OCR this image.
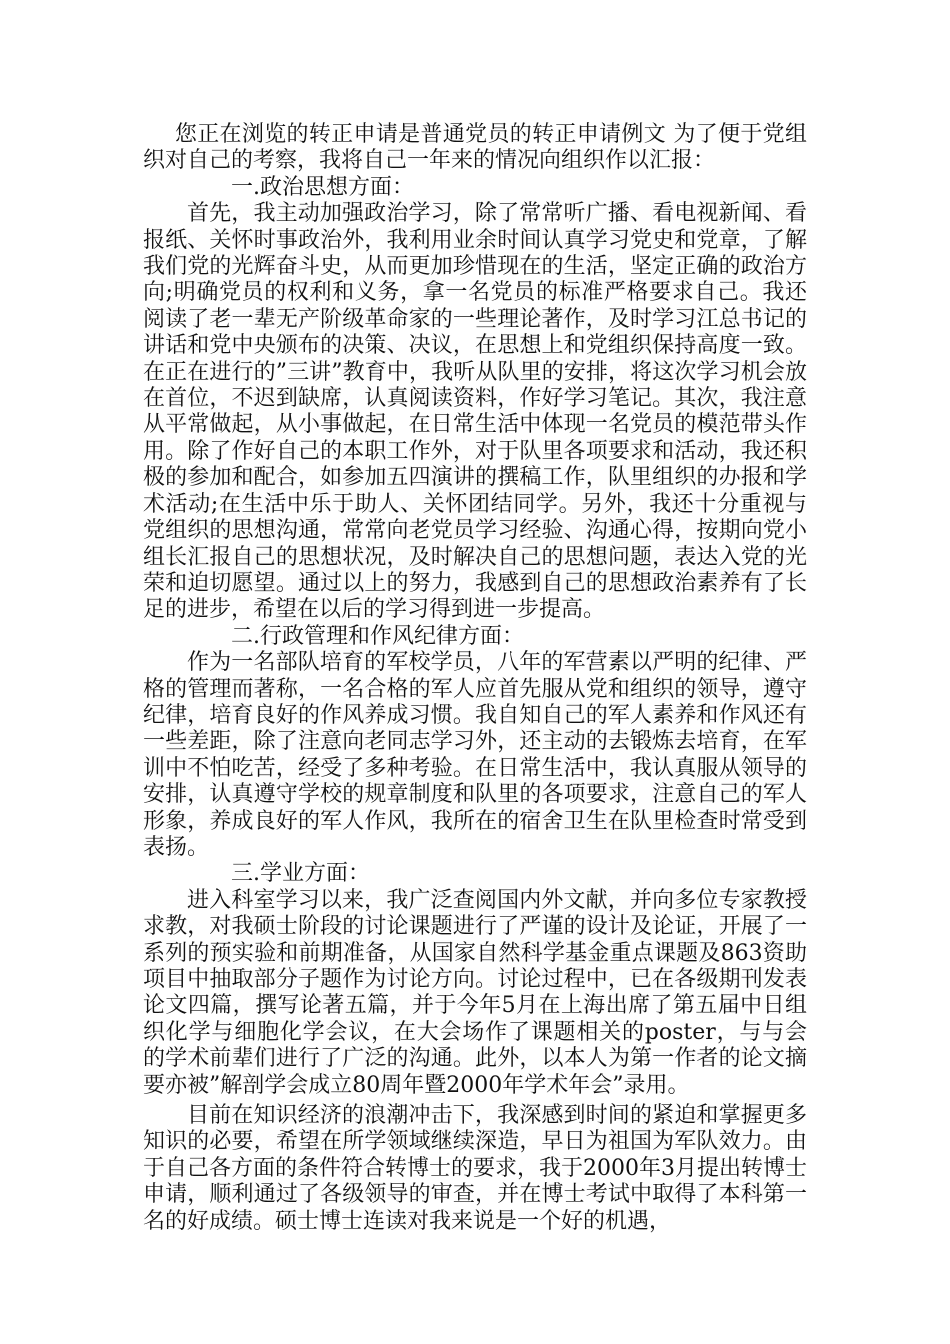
您正在浏览的转正申请是普通党员的转正申请例文 为了便于党组织对自己的考察，我将自己一年来的情况向组织作以汇报：

一.政治思想方面：

首先，我主动加强政治学习，除了常常听广播、看电视新闻、看报纸、关怀时事政治外，我利用业余时间认真学习党史和党章，了解我们党的光辉奋斗史，从而更加珍惜现在的生活，坚定正确的政治方向;明确党员的权利和义务，拿一名党员的标准严格要求自己。我还阅读了老一辈无产阶级革命家的一些理论著作，及时学习江总书记的讲话和党中央颁布的决策、决议，在思想上和党组织保持高度一致。在正在进行的”三讲”教育中，我听从队里的安排，将这次学习机会放在首位，不迟到缺席，认真阅读资料，作好学习笔记。其次，我注意从平常做起，从小事做起，在日常生活中体现一名党员的模范带头作用。除了作好自己的本职工作外，对于队里各项要求和活动，我还积极的参加和配合，如参加五四演讲的撰稿工作，队里组织的办报和学术活动;在生活中乐于助人、关怀团结同学。另外，我还十分重视与党组织的思想沟通，常常向老党员学习经验、沟通心得，按期向党小组长汇报自己的思想状况，及时解决自己的思想问题，表达入党的光荣和迫切愿望。通过以上的努力，我感到自己的思想政治素养有了长足的进步，希望在以后的学习得到进一步提高。

二.行政管理和作风纪律方面：

作为一名部队培育的军校学员，八年的军营素以严明的纪律、严格的管理而著称，一名合格的军人应首先服从党和组织的领导，遵守纪律，培育良好的作风养成习惯。我自知自己的军人素养和作风还有一些差距，除了注意向老同志学习外，还主动的去锻炼去培育，在军训中不怕吃苦，经受了多种考验。在日常生活中，我认真服从领导的安排，认真遵守学校的规章制度和队里的各项要求，注意自己的军人形象，养成良好的军人作风，我所在的宿舍卫生在队里检查时常受到表扬。

三.学业方面：

进入科室学习以来，我广泛查阅国内外文献，并向多位专家教授求教，对我硕士阶段的讨论课题进行了严谨的设计及论证，开展了一系列的预实验和前期准备，从国家自然科学基金重点课题及863资助项目中抽取部分子题作为讨论方向。讨论过程中，已在各级期刊发表论文四篇，撰写论著五篇，并于今年5月在上海出席了第五届中日组织化学与细胞化学会议，在大会场作了课题相关的poster，与与会的学术前辈们进行了广泛的沟通。此外，以本人为第一作者的论文摘要亦被”解剖学会成立80周年暨2000年学术年会”录用。

目前在知识经济的浪潮冲击下，我深感到时间的紧迫和掌握更多知识的必要，希望在所学领域继续深造，早日为祖国为军队效力。由于自己各方面的条件符合转博士的要求，我于2000年3月提出转博士申请，顺利通过了各级领导的审查，并在博士考试中取得了本科第一名的好成绩。硕士博士连读对我来说是一个好的机遇，
